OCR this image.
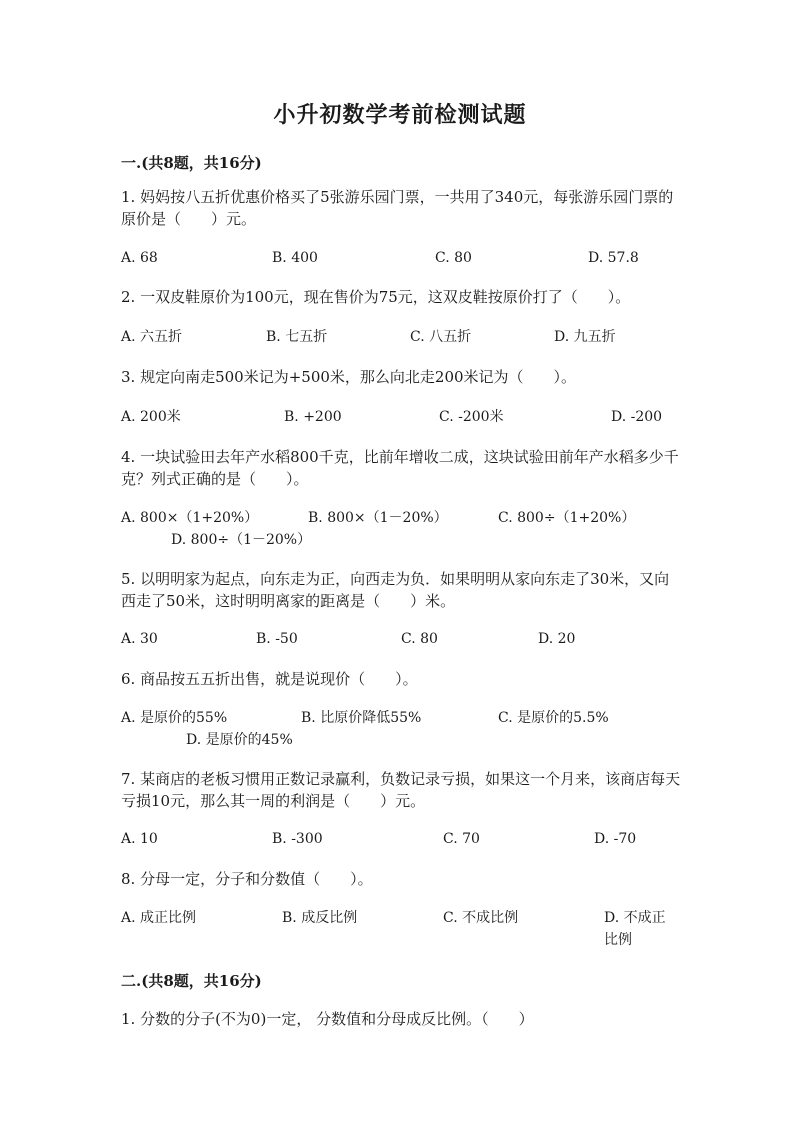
小升初数学考前检测试题
一.(共8题，共16分)
1. 妈妈按八五折优惠价格买了5张游乐园门票，一共用了340元，每张游乐园门票的原价是（　　）元。
A. 68	B. 400	C. 80	D. 57.8
2. 一双皮鞋原价为100元，现在售价为75元，这双皮鞋按原价打了（　　）。
A. 六五折	B. 七五折	C. 八五折	D. 九五折
3. 规定向南走500米记为+500米，那么向北走200米记为（　　）。
A. 200米	B. +200	C. -200米	D. -200
4. 一块试验田去年产水稻800千克，比前年增收二成，这块试验田前年产水稻多少千克？列式正确的是（　　）。
A. 800×（1+20%）	B. 800×（1－20%）	C. 800÷（1+20%）
D. 800÷（1－20%）
5. 以明明家为起点，向东走为正，向西走为负．如果明明从家向东走了30米，又向西走了50米，这时明明离家的距离是（　　）米。
A. 30	B. -50	C. 80	D. 20
6. 商品按五五折出售，就是说现价（　　）。
A. 是原价的55%	B. 比原价降低55%	C. 是原价的5.5%
D. 是原价的45%
7. 某商店的老板习惯用正数记录赢利，负数记录亏损，如果这一个月来，该商店每天亏损10元，那么其一周的利润是（　　）元。
A. 10	B. -300	C. 70	D. -70
8. 分母一定，分子和分数值（　　）。
A. 成正比例	B. 成反比例	C. 不成比例	D. 不成正比例
二.(共8题，共16分)
1. 分数的分子(不为0)一定， 分数值和分母成反比例。（　　）
